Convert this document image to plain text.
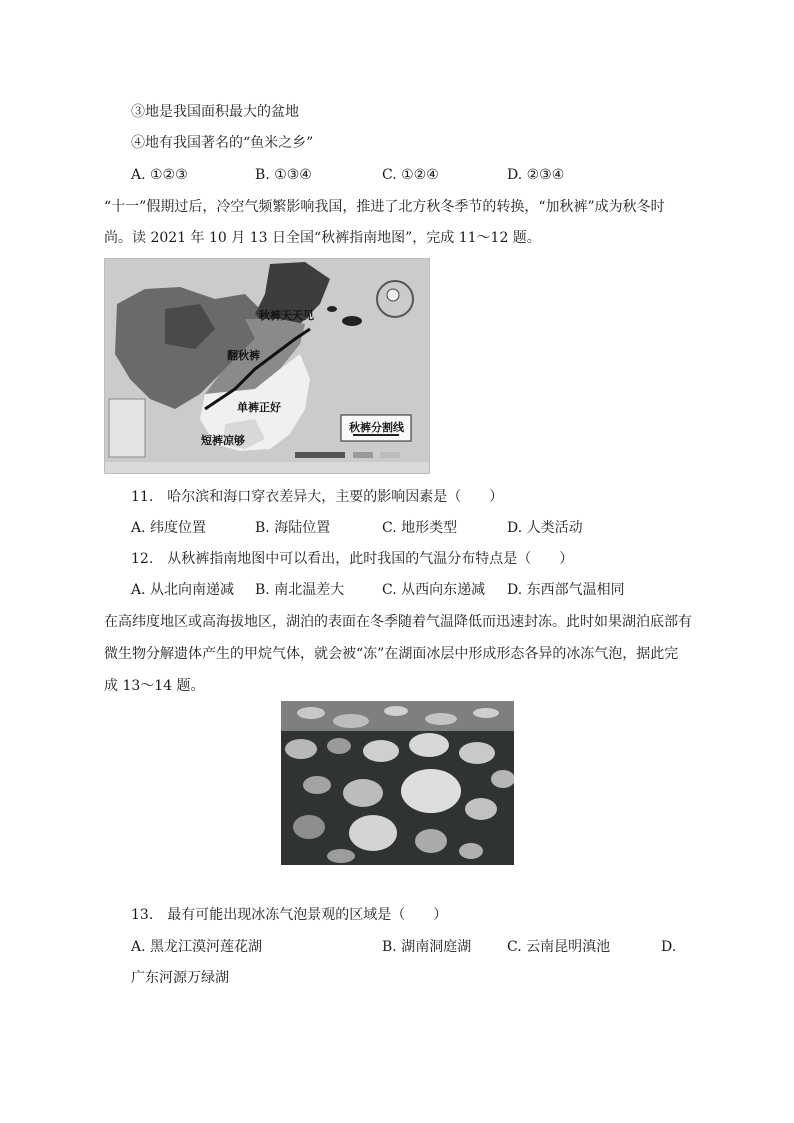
③地是我国面积最大的盆地
④地有我国著名的“鱼米之乡”
A. ①②③	B. ①③④	C. ①②④	D. ②③④
“十一”假期过后，冷空气频繁影响我国，推进了北方秋冬季节的转换，“加秋裤”成为秋冬时
尚。读 2021 年 10 月 13 日全国“秋裤指南地图”，完成 11～12 题。
秋裤天天见
翻秋裤
单裤正好
短裤凉够
秋裤分割线
11.　哈尔滨和海口穿衣差异大，主要的影响因素是（　　）
A. 纬度位置	B. 海陆位置	C. 地形类型	D. 人类活动
12.　从秋裤指南地图中可以看出，此时我国的气温分布特点是（　　）
A. 从北向南递减 B. 南北温差大	C. 从西向东递减 D. 东西部气温相同
在高纬度地区或高海拔地区，湖泊的表面在冬季随着气温降低而迅速封冻。此时如果湖泊底部有
微生物分解遗体产生的甲烷气体，就会被“冻”在湖面冰层中形成形态各异的冰冻气泡，据此完
成 13～14 题。
13.　最有可能出现冰冻气泡景观的区域是（　　）
A. 黑龙江漠河莲花湖	B. 湖南洞庭湖	C. 云南昆明滇池	D.
广东河源万绿湖
